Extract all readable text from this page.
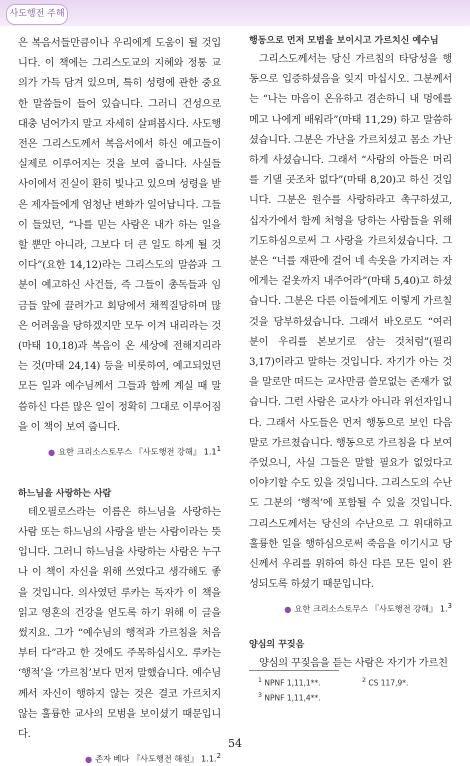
사도행전 주해

은 복음서들만큼이나 우리에게 도움이 될 것입니다. 이 책에는 그리스도교의 지혜와 정통 교의가 가득 담겨 있으며, 특히 성령에 관한 중요한 말씀들이 들어 있습니다. 그러니 건성으로 대충 넘어가지 말고 자세히 살펴봅시다. 사도행전은 그리스도께서 복음서에서 하신 예고들이 실제로 이루어지는 것을 보여 줍니다. 사실들 사이에서 진실이 환히 빛나고 있으며 성령을 받은 제자들에게 엄청난 변화가 일어납니다. 그들이 들었던, “나를 믿는 사람은 내가 하는 일을 할 뿐만 아니라, 그보다 더 큰 일도 하게 될 것이다”(요한 14,12)라는 그리스도의 말씀과 그분이 예고하신 사건들, 즉 그들이 총독들과 임금들 앞에 끌려가고 회당에서 채찍질당하며 많은 어려움을 당하겠지만 모두 이겨 내리라는 것(마태 10,18)과 복음이 온 세상에 전해지리라는 것(마태 24,14) 등을 비롯하여, 예고되었던 모든 일과 예수님께서 그들과 함께 계실 때 말씀하신 다른 많은 일이 정확히 그대로 이루어짐을 이 책이 보여 줍니다.

● 요한 크리소스토무스 『사도행전 강해』 $1.1^1$

하느님을 사랑하는 사람

테오필로스라는 이름은 하느님을 사랑하는 사람 또는 하느님의 사랑을 받는 사람이라는 뜻입니다. 그러니 하느님을 사랑하는 사람은 누구나 이 책이 자신을 위해 쓰였다고 생각해도 좋을 것입니다. 의사였던 루카는 독자가 이 책을 읽고 영혼의 건강을 얻도록 하기 위해 이 글을 썼지요. 그가 “예수님의 행적과 가르침을 처음부터 다”라고 한 것에도 주목하십시오. 루카는 ‘행적’을 ‘가르침’보다 먼저 말했습니다. 예수님께서 자신이 행하지 않는 것은 결코 가르치지 않는 훌륭한 교사의 모범을 보이셨기 때문입니다.

● 존자 베다 『사도행전 해설』 1.1.$^2$

행동으로 먼저 모범을 보이시고 가르치신 예수님

그리스도께서는 당신 가르침의 타당성을 행동으로 입증하셨음을 잊지 마십시오. 그분께서는 “나는 마음이 온유하고 겸손하니 내 멍에를 메고 나에게 배워라”(마태 11,29) 하고 말씀하셨습니다. 그분은 가난을 가르치셨고 몸소 가난하게 사셨습니다. 그래서 “사람의 아들은 머리를 기댈 곳조차 없다”(마태 8,20)고 하신 것입니다. 그분은 원수를 사랑하라고 촉구하셨고, 십자가에서 함께 처형을 당하는 사람들을 위해 기도하심으로써 그 사랑을 가르치셨습니다. 그분은 “너를 재판에 걸어 네 속옷을 가지려는 자에게는 겉옷까지 내주어라”(마태 5,40)고 하셨습니다. 그분은 다른 이들에게도 이렇게 가르칠 것을 당부하셨습니다. 그래서 바오로도 “여러분이 우리를 본보기로 삼는 것처럼”(필리 3,17)이라고 말하는 것입니다. 자기가 아는 것을 말로만 떠드는 교사만큼 쓸모없는 존재가 없습니다. 그런 사람은 교사가 아니라 위선자입니다. 그래서 사도들은 먼저 행동으로 보인 다음 말로 가르쳤습니다. 행동으로 가르침을 다 보여 주었으니, 사실 그들은 말할 필요가 없었다고 이야기할 수도 있을 것입니다. 그리스도의 수난도 그분의 ‘행적’에 포함될 수 있을 것입니다. 그리스도께서는 당신의 수난으로 그 위대하고 훌륭한 일을 행하심으로써 죽음을 이기시고 당신께서 우리를 위하여 하신 다른 모든 일이 완성되도록 하셨기 때문입니다.

● 요한 크리소스토무스 『사도행전 강해』 1.$^3$

양심의 꾸짖음

양심의 꾸짖음을 듣는 사람은 자기가 가르친

$^1$ NPNF 1,11,1**.	$^2$ CS 117,9*.
$^3$ NPNF 1,11,4**.
54
